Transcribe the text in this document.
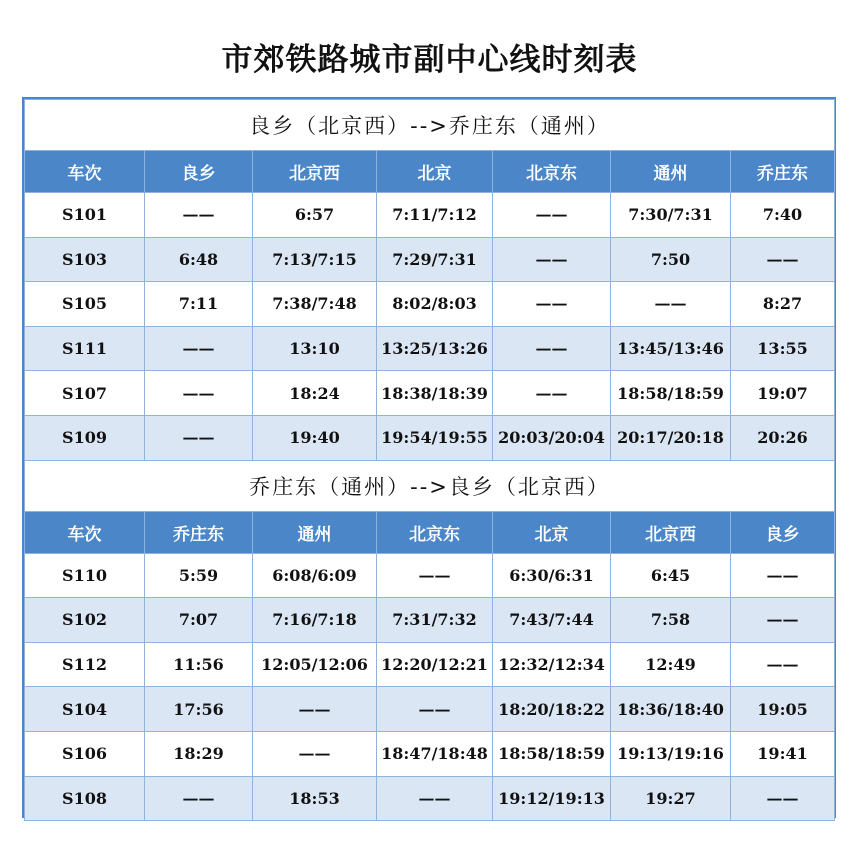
市郊铁路城市副中心线时刻表
良乡（北京西）-->乔庄东（通州）						
车次	良乡	北京西	北京	北京东	通州	乔庄东
S101	——	6:57	7:11/7:12	——	7:30/7:31	7:40
S103	6:48	7:13/7:15	7:29/7:31	——	7:50	——
S105	7:11	7:38/7:48	8:02/8:03	——	——	8:27
S111	——	13:10	13:25/13:26	——	13:45/13:46	13:55
S107	——	18:24	18:38/18:39	——	18:58/18:59	19:07
S109	——	19:40	19:54/19:55	20:03/20:04	20:17/20:18	20:26
乔庄东（通州）-->良乡（北京西）						
车次	乔庄东	通州	北京东	北京	北京西	良乡
S110	5:59	6:08/6:09	——	6:30/6:31	6:45	——
S102	7:07	7:16/7:18	7:31/7:32	7:43/7:44	7:58	——
S112	11:56	12:05/12:06	12:20/12:21	12:32/12:34	12:49	——
S104	17:56	——	——	18:20/18:22	18:36/18:40	19:05
S106	18:29	——	18:47/18:48	18:58/18:59	19:13/19:16	19:41
S108	——	18:53	——	19:12/19:13	19:27	——
